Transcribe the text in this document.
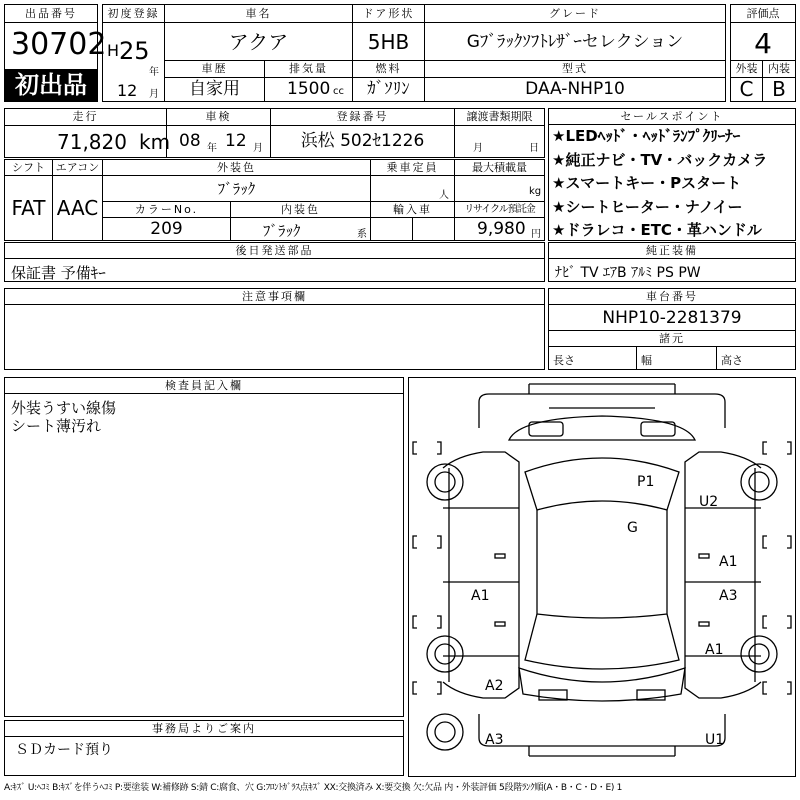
出品番号
30702
初出品
初度登録
H 25
年
12 月
車名
アクア
ドア形状
5HB
グレード
Gﾌﾞﾗｯｸｿﾌﾄﾚｻﾞｰセレクション
車歴
自家用
排気量
1500 cc
燃料
ｶﾞｿﾘﾝ
型式
DAA-NHP10
評価点
4
外装 内装
C B
走行
71,820 km
車検
08 年 12 月
登録番号
浜松 502ｾ1226
譲渡書類期限
月	日
シフト
FAT
エアコン
AAC
外装色
ﾌﾞﾗｯｸ
乗車定員
人
最大積載量
kg
カラーNo.
209
内装色
ﾌﾞﾗｯｸ	系
輸入車	リサイクル預託金
9,980 円
後日発送部品
保証書 予備ｷｰ
セールスポイント
★LEDﾍｯﾄﾞ・ﾍｯﾄﾞﾗﾝﾌﾟｸﾘｰﾅｰ
★純正ナビ・TV・バックカメラ
★スマートキー・Pスタート
★シートヒーター・ナノイー
★ドラレコ・ETC・革ハンドル
純正装備
ﾅﾋﾞ TV ｴｱB ｱﾙﾐ PS PW
注意事項欄	車台番号
NHP10-2281379
諸元
長さ	幅	高さ
検査員記入欄
外装うすい線傷
シート薄汚れ
事務局よりご案内
ＳＤカード預り
P1
U2
G
A1
A1	A3
A1
A2
A3	U1
A:ｷｽﾞ U:ﾍｺﾐ B:ｷｽﾞを伴うﾍｺﾐ P:要塗装 W:補修跡 S:錆 C:腐食、穴 G:ﾌﾛﾝﾄｶﾞﾗｽ点ｷｽﾞ XX:交換済み X:要交換 欠:欠品 内・外装評価 5段階ﾗﾝｸ順(A・B・C・D・E) 1
